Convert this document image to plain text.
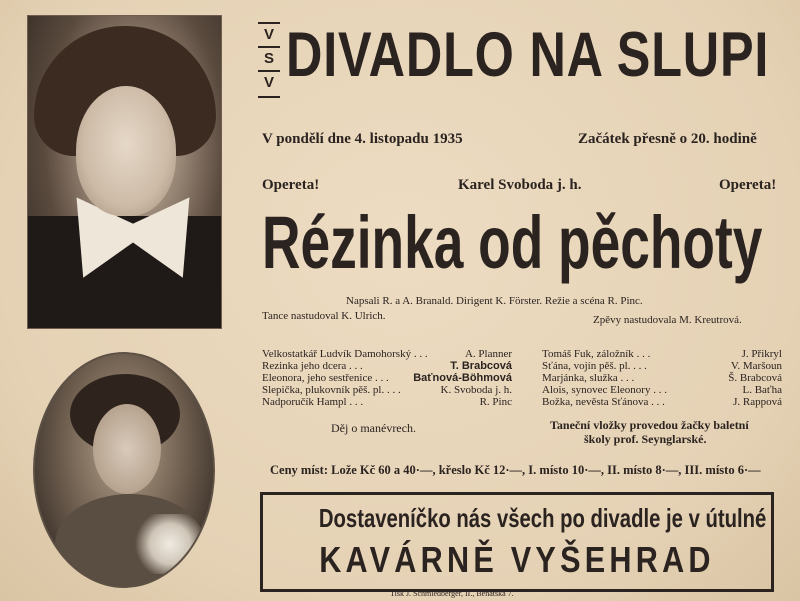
V
S
V DIVADLO NA SLUPI
V pondělí dne 4. listopadu 1935	Začátek přesně o 20. hodině
Opereta!	Karel Svoboda j. h.	Opereta!
Rézinka od pěchoty
Napsali R. a A. Branald. Dirigent K. Förster. Režie a scéna R. Pinc.
Tance nastudoval K. Ulrich.	Zpěvy nastudovala M. Kreutrová.
Velkostatkář Ludvík Damohorský . . .	A. Planner
Rezinka jeho dcera . . .	T. Brabcová
Eleonora, jeho sestřenice . . . Baťnová-Böhmová
Slepička, plukovník pěš. pl. . . .	K. Svoboda j. h.
Nadporučík Hampl . . .	R. Pinc
Tomáš Fuk, záložník . . .	J. Přikryl
Sťána, vojín pěš. pl. . . .	V. Maršoun
Marjánka, služka . . .	Š. Brabcová
Alois, synovec Eleonory . . .	L. Baťha
Božka, nevěsta Sťánova . . .	J. Rappová
Děj o manévrech.	Taneční vložky provedou žačky baletní
školy prof. Seynglarské.
Ceny míst: Lože Kč 60 a 40·—, křeslo Kč 12·—, I. místo 10·—, II. místo 8·—, III. místo 6·—
Dostaveníčko nás všech po divadle je v útulné
KAVÁRNĚ VYŠEHRAD
Tisk J. Schmiedberger, II., Benátská 7.
